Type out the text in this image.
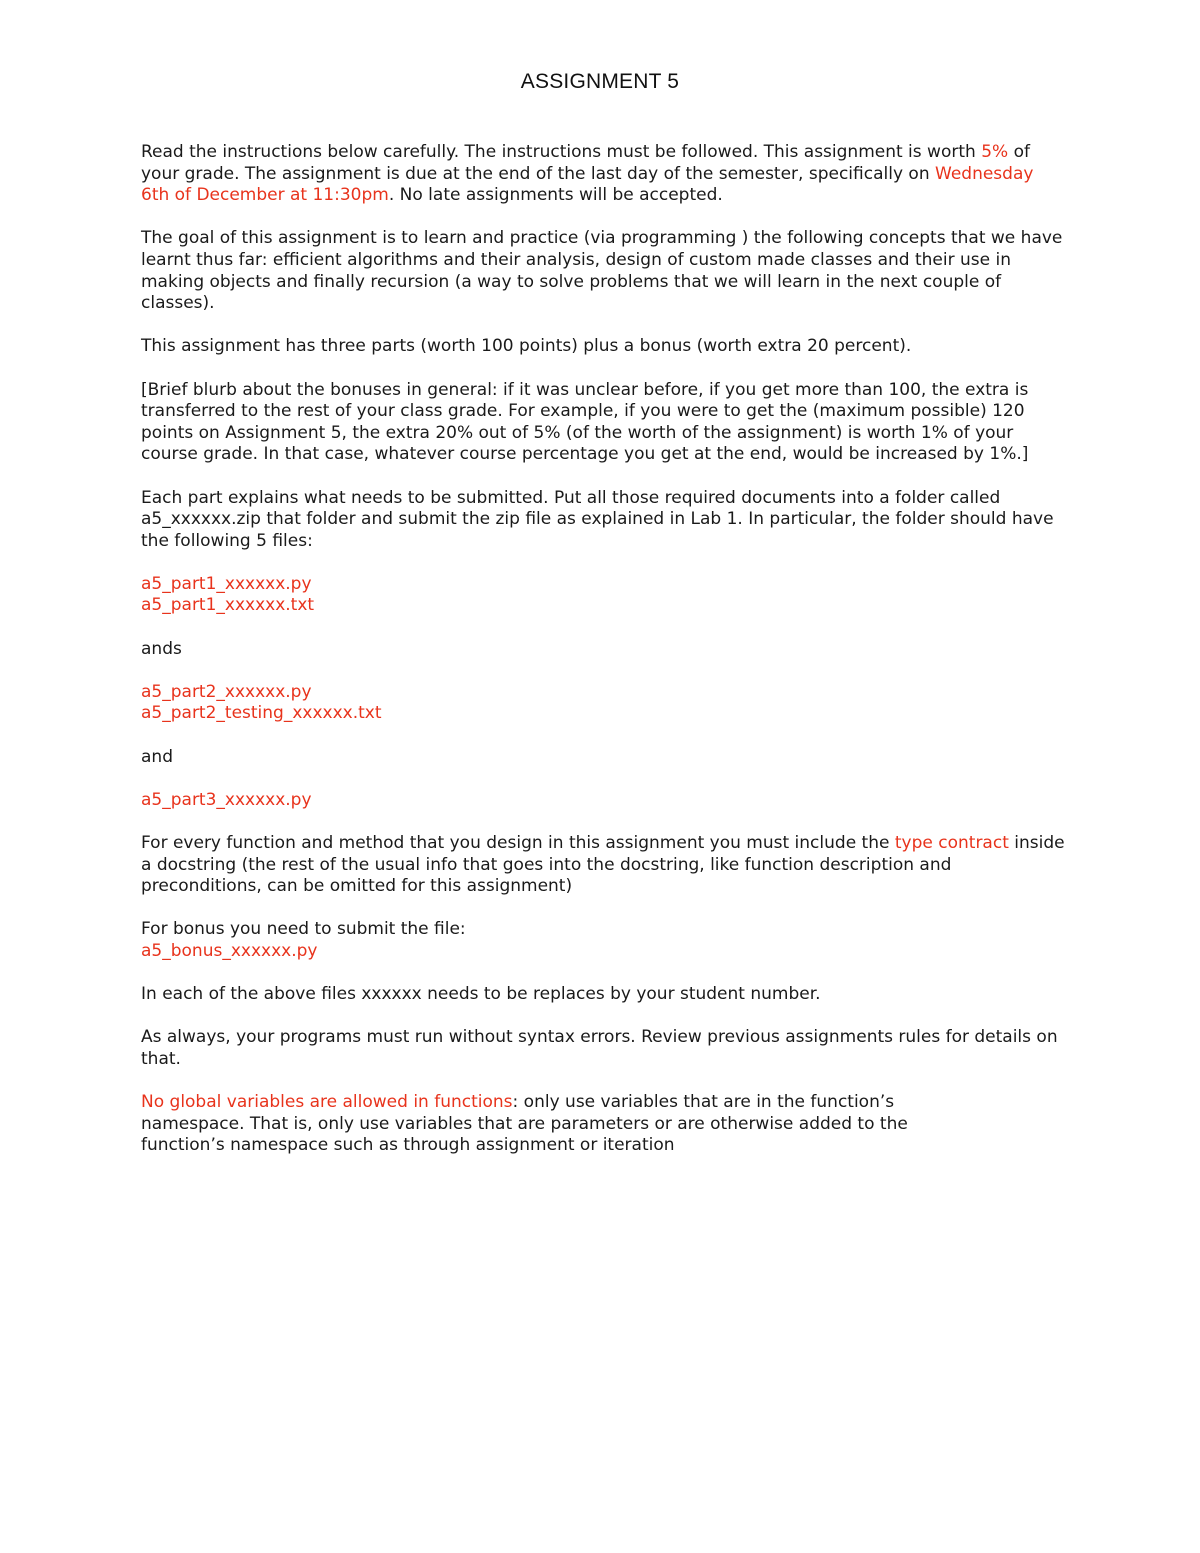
ASSIGNMENT 5

Read the instructions below carefully. The instructions must be followed. This assignment is worth 5% of your grade. The assignment is due at the end of the last day of the semester, specifically on Wednesday 6th of December at 11:30pm. No late assignments will be accepted.

The goal of this assignment is to learn and practice (via programming ) the following concepts that we have learnt thus far: efficient algorithms and their analysis, design of custom made classes and their use in making objects and finally recursion (a way to solve problems that we will learn in the next couple of classes).

This assignment has three parts (worth 100 points) plus a bonus (worth extra 20 percent).

[Brief blurb about the bonuses in general: if it was unclear before, if you get more than 100, the extra is transferred to the rest of your class grade. For example, if you were to get the (maximum possible) 120 points on Assignment 5, the extra 20% out of 5% (of the worth of the assignment) is worth 1% of your course grade. In that case, whatever course percentage you get at the end, would be increased by 1%.]

Each part explains what needs to be submitted. Put all those required documents into a folder called a5_xxxxxx.zip that folder and submit the zip file as explained in Lab 1. In particular, the folder should have the following 5 files:

a5_part1_xxxxxx.py
a5_part1_xxxxxx.txt

ands

a5_part2_xxxxxx.py
a5_part2_testing_xxxxxx.txt

and

a5_part3_xxxxxx.py

For every function and method that you design in this assignment you must include the type contract inside a docstring (the rest of the usual info that goes into the docstring, like function description and preconditions, can be omitted for this assignment)

For bonus you need to submit the file:
a5_bonus_xxxxxx.py

In each of the above files xxxxxx needs to be replaces by your student number.

As always, your programs must run without syntax errors. Review previous assignments rules for details on that.

No global variables are allowed in functions: only use variables that are in the function’s
namespace. That is, only use variables that are parameters or are otherwise added to the
function’s namespace such as through assignment or iteration
